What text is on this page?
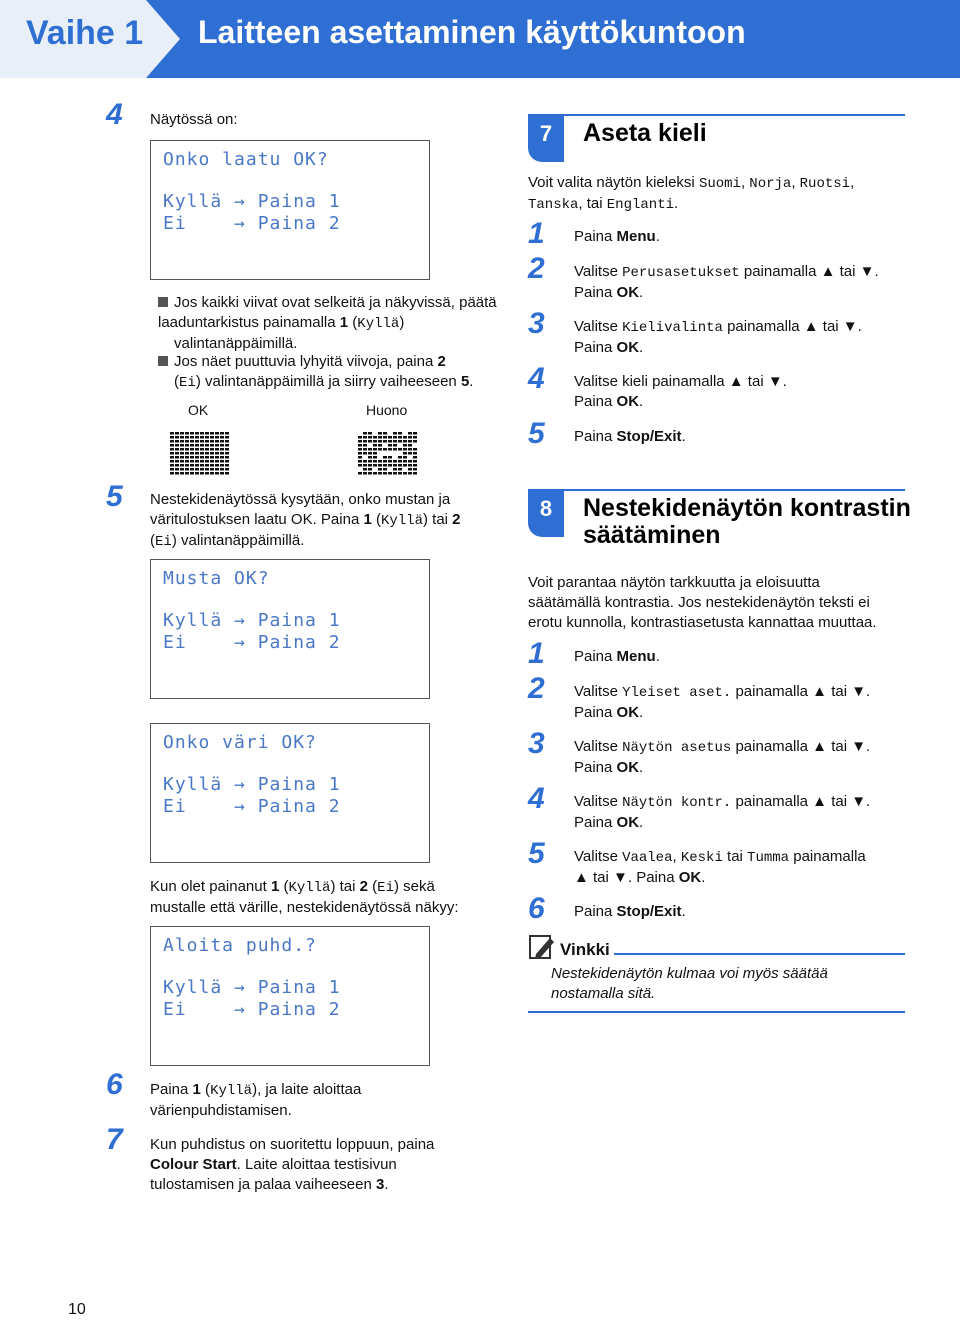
Vaihe 1 Laitteen asettaminen käyttökuntoon
4 Näytössä on:
Onko laatu OK?
Kyllä → Paina 1
Ei    → Paina 2
Jos kaikki viivat ovat selkeitä ja näkyvissä, päätä laaduntarkistus painamalla 1 (Kyllä)
valintanäppäimillä.
Jos näet puuttuvia lyhyitä viivoja, paina 2
(Ei) valintanäppäimillä ja siirry vaiheeseen 5.
OK	Huono
5 Nestekidenäytössä kysytään, onko mustan ja väritulostuksen laatu OK. Paina 1 (Kyllä) tai 2
(Ei) valintanäppäimillä.
Musta OK?
Kyllä → Paina 1
Ei    → Paina 2
Onko väri OK?
Kyllä → Paina 1
Ei    → Paina 2
Kun olet painanut 1 (Kyllä) tai 2 (Ei) sekä
mustalle että värille, nestekidenäytössä näkyy:
Aloita puhd.?
Kyllä → Paina 1
Ei    → Paina 2
6 Paina 1 (Kyllä), ja laite aloittaa
värienpuhdistamisen.
7 Kun puhdistus on suoritettu loppuun, paina
Colour Start. Laite aloittaa testisivun
tulostamisen ja palaa vaiheeseen 3.
10
7	Aseta kieli
Voit valita näytön kieleksi Suomi, Norja, Ruotsi,
Tanska, tai Englanti.
1 Paina Menu.
2 Valitse Perusasetukset painamalla ▲ tai ▼.
Paina OK.
3 Valitse Kielivalinta painamalla ▲ tai ▼.
Paina OK.
4 Valitse kieli painamalla ▲ tai ▼.
Paina OK.
5 Paina Stop/Exit.
8	Nestekidenäytön kontrastin
säätäminen
Voit parantaa näytön tarkkuutta ja eloisuutta
säätämällä kontrastia. Jos nestekidenäytön teksti ei
erotu kunnolla, kontrastiasetusta kannattaa muuttaa.
1 Paina Menu.
2 Valitse Yleiset aset. painamalla ▲ tai ▼.
Paina OK.
3 Valitse Näytön asetus painamalla ▲ tai ▼.
Paina OK.
4 Valitse Näytön kontr. painamalla ▲ tai ▼.
Paina OK.
5 Valitse Vaalea, Keski tai Tumma painamalla
▲ tai ▼. Paina OK.
6 Paina Stop/Exit.
Vinkki
Nestekidenäytön kulmaa voi myös säätää
nostamalla sitä.
